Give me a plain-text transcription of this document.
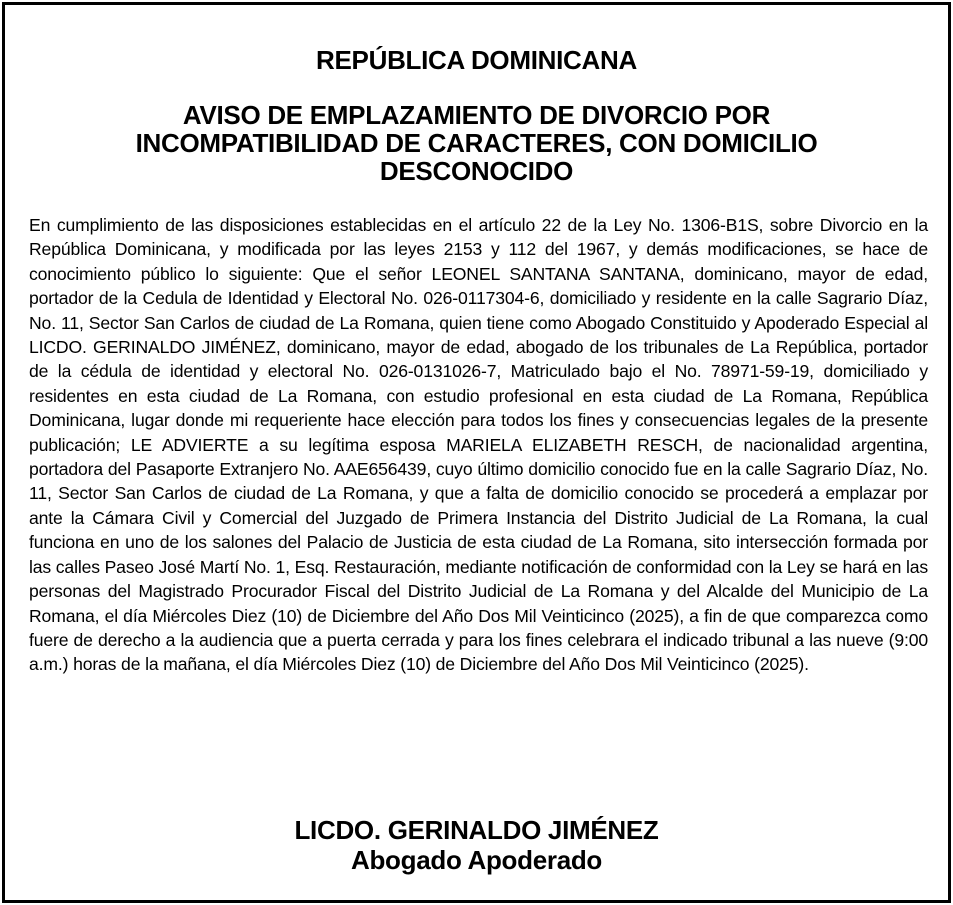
REPÚBLICA DOMINICANA
AVISO DE EMPLAZAMIENTO DE DIVORCIO POR
INCOMPATIBILIDAD DE CARACTERES, CON DOMICILIO
DESCONOCIDO
En cumplimiento de las disposiciones establecidas en el artículo 22 de la Ley No. 1306-B1S, sobre Divorcio en la República Dominicana, y modificada por las leyes 2153 y 112 del 1967, y demás modificaciones, se hace de conocimiento público lo siguiente: Que el señor LEONEL SANTANA SANTANA, dominicano, mayor de edad, portador de la Cedula de Identidad y Electoral No. 026-0117304-6, domiciliado y residente en la calle Sagrario Díaz, No. 11, Sector San Carlos de ciudad de La Romana, quien tiene como Abogado Constituido y Apoderado Especial al LICDO. GERINALDO JIMÉNEZ, dominicano, mayor de edad, abogado de los tribunales de La República, portador de la cédula de identidad y electoral No. 026-0131026-7, Matriculado bajo el No. 78971-59-19, domiciliado y residentes en esta ciudad de La Romana, con estudio profesional en esta ciudad de La Romana, República Dominicana, lugar donde mi requeriente hace elección para todos los fines y consecuencias legales de la presente publicación; LE ADVIERTE a su legítima esposa MARIELA ELIZABETH RESCH, de nacionalidad argentina, portadora del Pasaporte Extranjero No. AAE656439, cuyo último domicilio conocido fue en la calle Sagrario Díaz, No. 11, Sector San Carlos de ciudad de La Romana, y que a falta de domicilio conocido se procederá a emplazar por ante la Cámara Civil y Comercial del Juzgado de Primera Instancia del Distrito Judicial de La Romana, la cual funciona en uno de los salones del Palacio de Justicia de esta ciudad de La Romana, sito intersección formada por las calles Paseo José Martí No. 1, Esq. Restauración, mediante notificación de conformidad con la Ley se hará en las personas del Magistrado Procurador Fiscal del Distrito Judicial de La Romana y del Alcalde del Municipio de La Romana, el día Miércoles Diez (10) de Diciembre del Año Dos Mil Veinticinco (2025), a fin de que comparezca como fuere de derecho a la audiencia que a puerta cerrada y para los fines celebrara el indicado tribunal a las nueve (9:00 a.m.) horas de la mañana, el día Miércoles Diez (10) de Diciembre del Año Dos Mil Veinticinco (2025).
LICDO. GERINALDO JIMÉNEZ
Abogado Apoderado
